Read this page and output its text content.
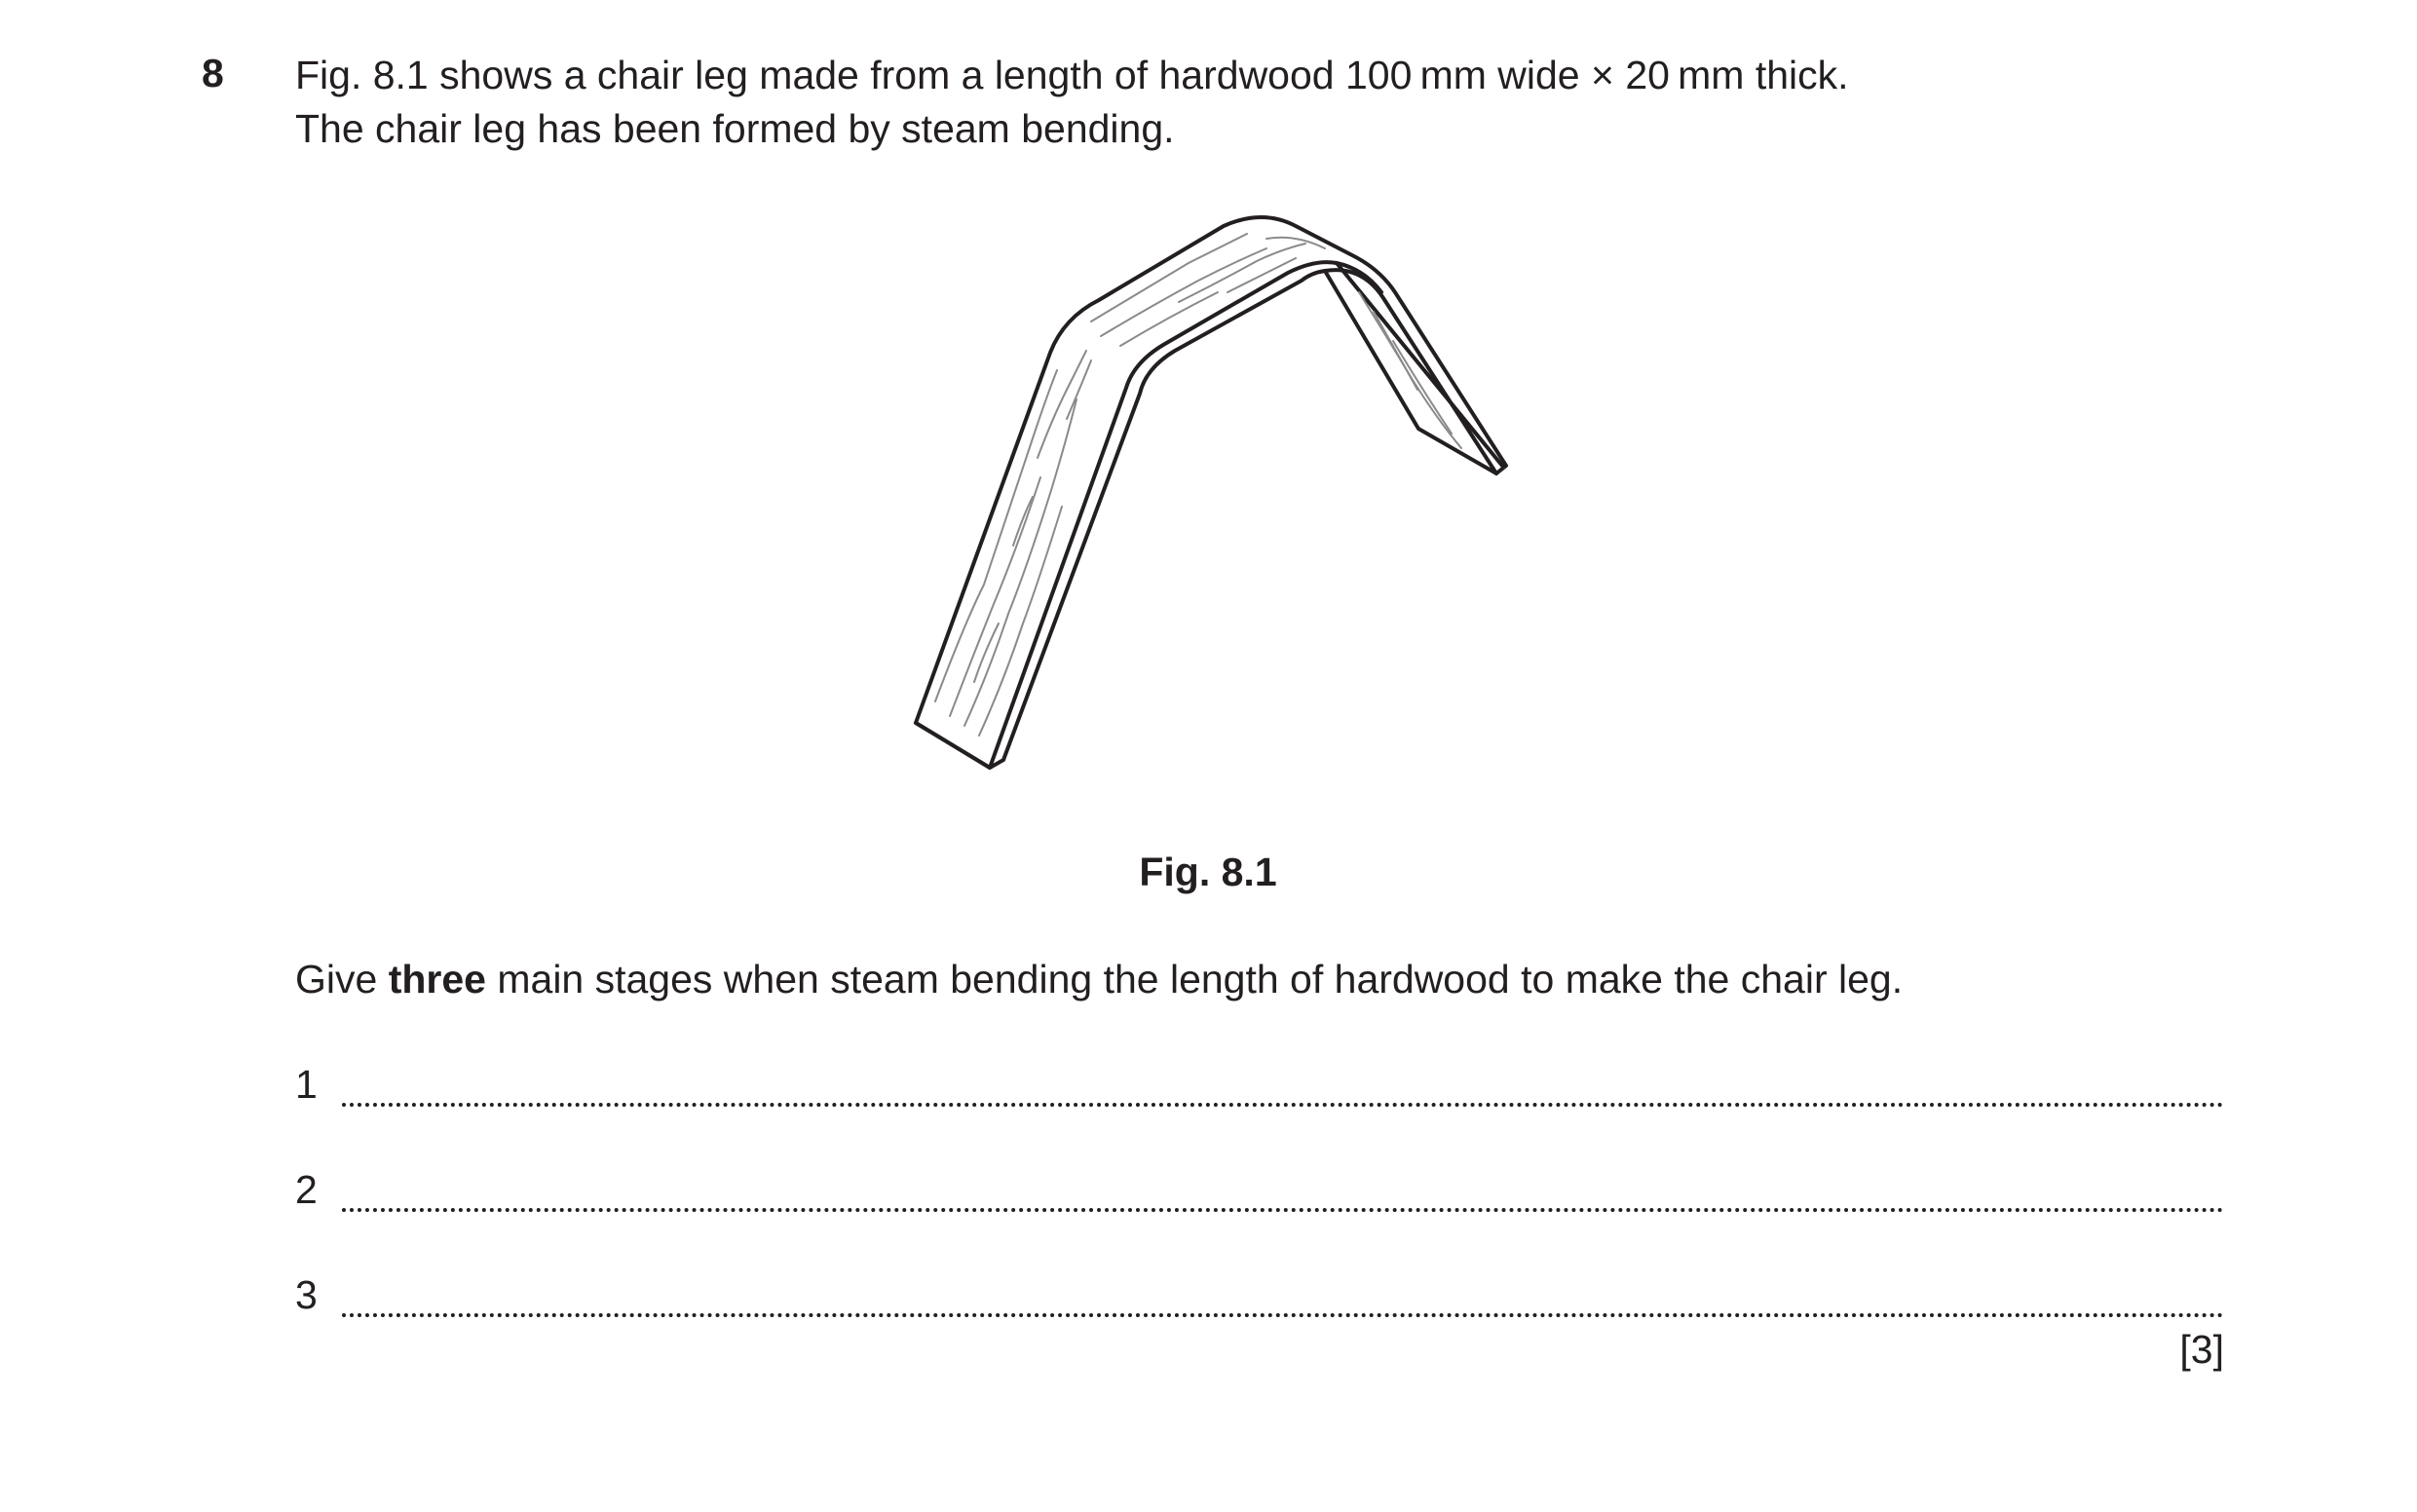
8 Fig. 8.1 shows a chair leg made from a length of hardwood 100 mm wide × 20 mm thick.
The chair leg has been formed by steam bending.
Fig. 8.1
Give three main stages when steam bending the length of hardwood to make the chair leg.
1
2
3
[3]
